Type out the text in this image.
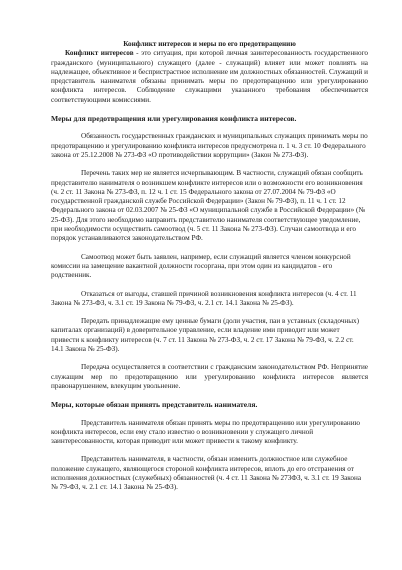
Конфликт интересов и меры по его предотвращению

Конфликт интересов - это ситуация, при которой личная заинтересованность государственного гражданского (муниципального) служащего (далее - служащий) влияет или может повлиять на надлежащее, объективное и беспристрастное исполнение им должностных обязанностей. Служащий и представитель нанимателя обязаны принимать меры по предотвращению или урегулированию конфликта интересов. Соблюдение служащими указанного требования обеспечивается соответствующими комиссиями.

Меры для предотвращения или урегулирования конфликта интересов.

Обязанность государственных гражданских и муниципальных служащих принимать меры по предотвращению и урегулированию конфликта интересов предусмотрена п. 1 ч. 3 ст. 10 Федерального закона от 25.12.2008 № 273-ФЗ «О противодействии коррупции» (Закон № 273-ФЗ).

Перечень таких мер не является исчерпывающим. В частности, служащий обязан сообщить представителю нанимателя о возникшем конфликте интересов или о возможности его возникновения (ч. 2 ст. 11 Закона № 273-ФЗ, п. 12 ч. 1 ст. 15 Федерального закона от 27.07.2004 № 79-ФЗ «О государственной гражданской службе Российской Федерации» (Закон № 79-ФЗ), п. 11 ч. 1 ст. 12 Федерального закона от 02.03.2007 № 25-ФЗ «О муниципальной службе в Российской Федерации» (№ 25-ФЗ). Для этого необходимо направить представителю нанимателя соответствующее уведомление, при необходимости осуществить самоотвод (ч. 5 ст. 11 Закона № 273-ФЗ). Случаи самоотвода и его порядок устанавливаются законодательством РФ.

Самоотвод может быть заявлен, например, если служащий является членом конкурсной комиссии на замещение вакантной должности госоргана, при этом один из кандидатов - его родственник.

Отказаться от выгоды, ставшей причиной возникновения конфликта интересов (ч. 4 ст. 11 Закона № 273-ФЗ, ч. 3.1 ст. 19 Закона № 79-ФЗ, ч. 2.1 ст. 14.1 Закона № 25-ФЗ).

Передать принадлежащие ему ценные бумаги (доли участия, паи в уставных (складочных) капиталах организаций) в доверительное управление, если владение ими приводит или может привести к конфликту интересов (ч. 7 ст. 11 Закона № 273-ФЗ, ч. 2 ст. 17 Закона № 79-ФЗ, ч. 2.2 ст. 14.1 Закона № 25-ФЗ).

Передача осуществляется в соответствии с гражданским законодательством РФ. Непринятие служащим мер по предотвращению или урегулированию конфликта интересов является правонарушением, влекущим увольнение.

Меры, которые обязан принять представитель нанимателя.

Представитель нанимателя обязан принять меры по предотвращению или урегулированию конфликта интересов, если ему стало известно о возникновении у служащего личной заинтересованности, которая приводит или может привести к такому конфликту.

Представитель нанимателя, в частности, обязан изменить должностное или служебное положение служащего, являющегося стороной конфликта интересов, вплоть до его отстранения от исполнения должностных (служебных) обязанностей (ч. 4 ст. 11 Закона № 273ФЗ, ч. 3.1 ст. 19 Закона № 79-ФЗ, ч. 2.1 ст. 14.1 Закона № 25-ФЗ).
